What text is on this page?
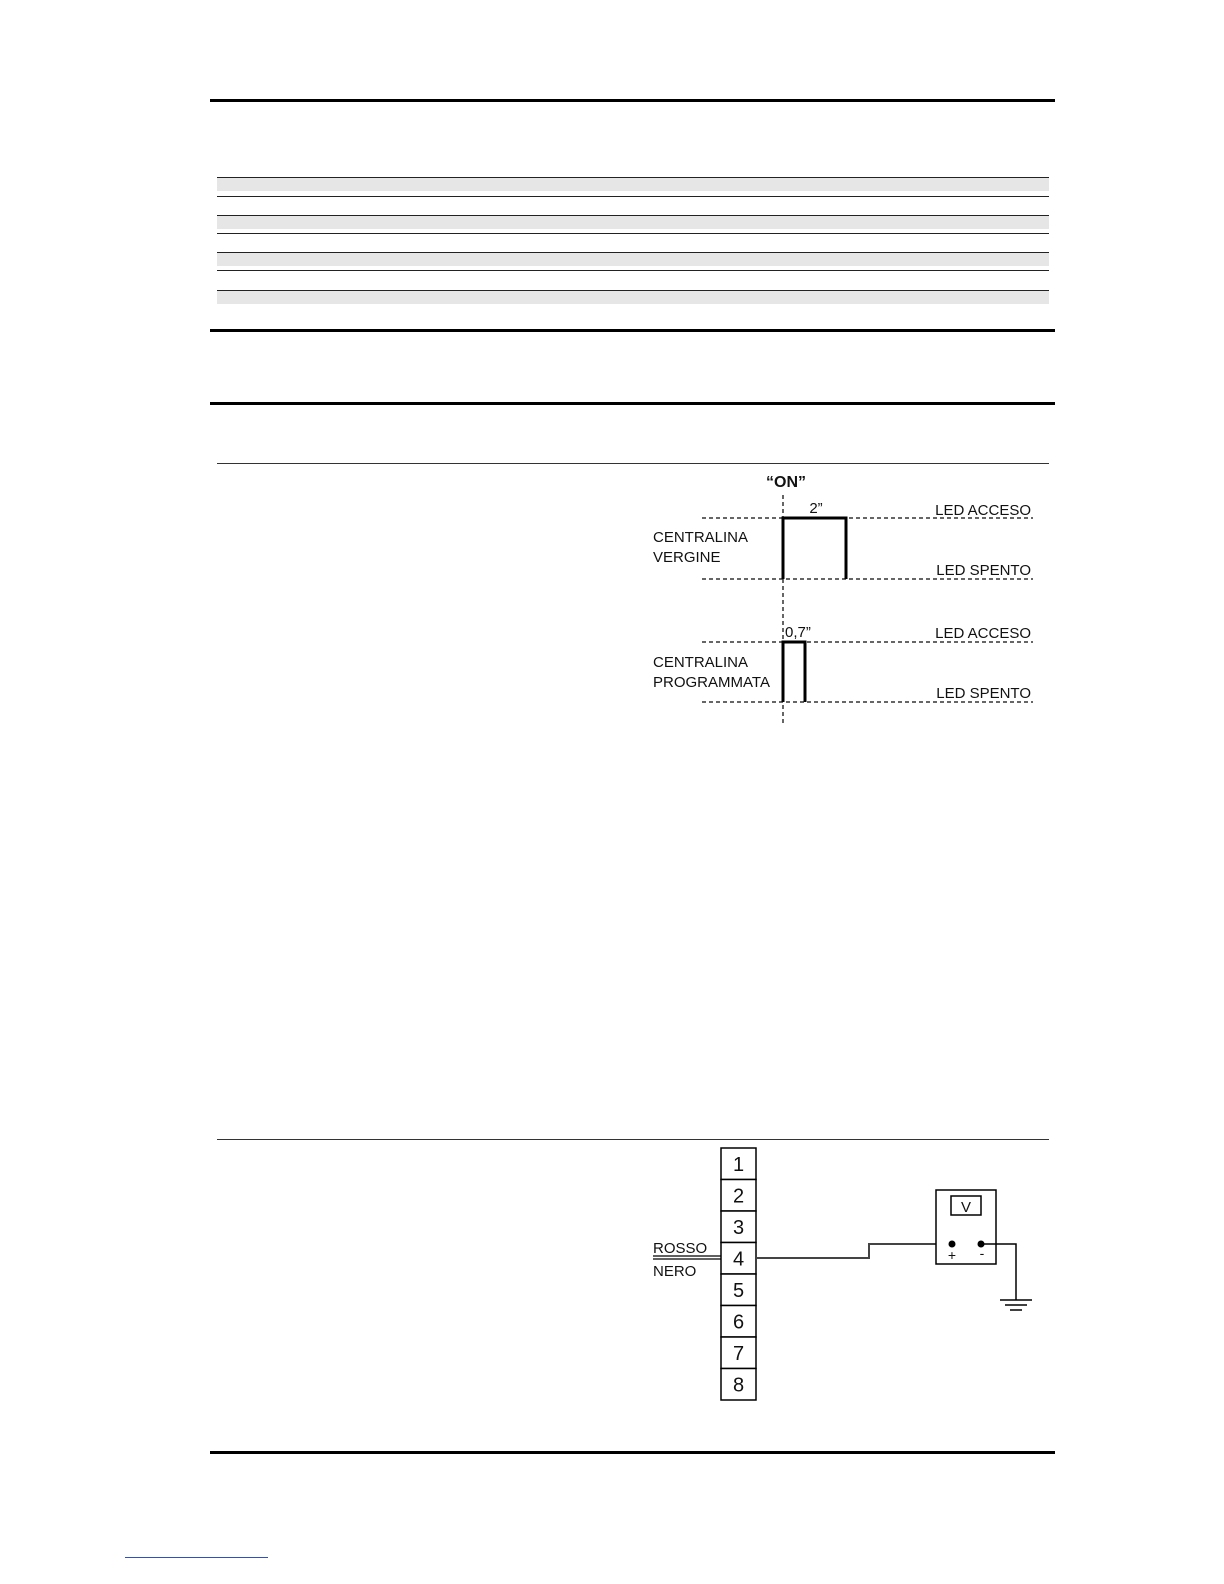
“ON”
2”	LED ACCESO
LED SPENTO
CENTRALINA
VERGINE
0,7”	LED ACCESO
LED SPENTO
CENTRALINA
PROGRAMMATA
1
2
3
4
5
6
7
8
ROSSO
NERO
V
+ -
